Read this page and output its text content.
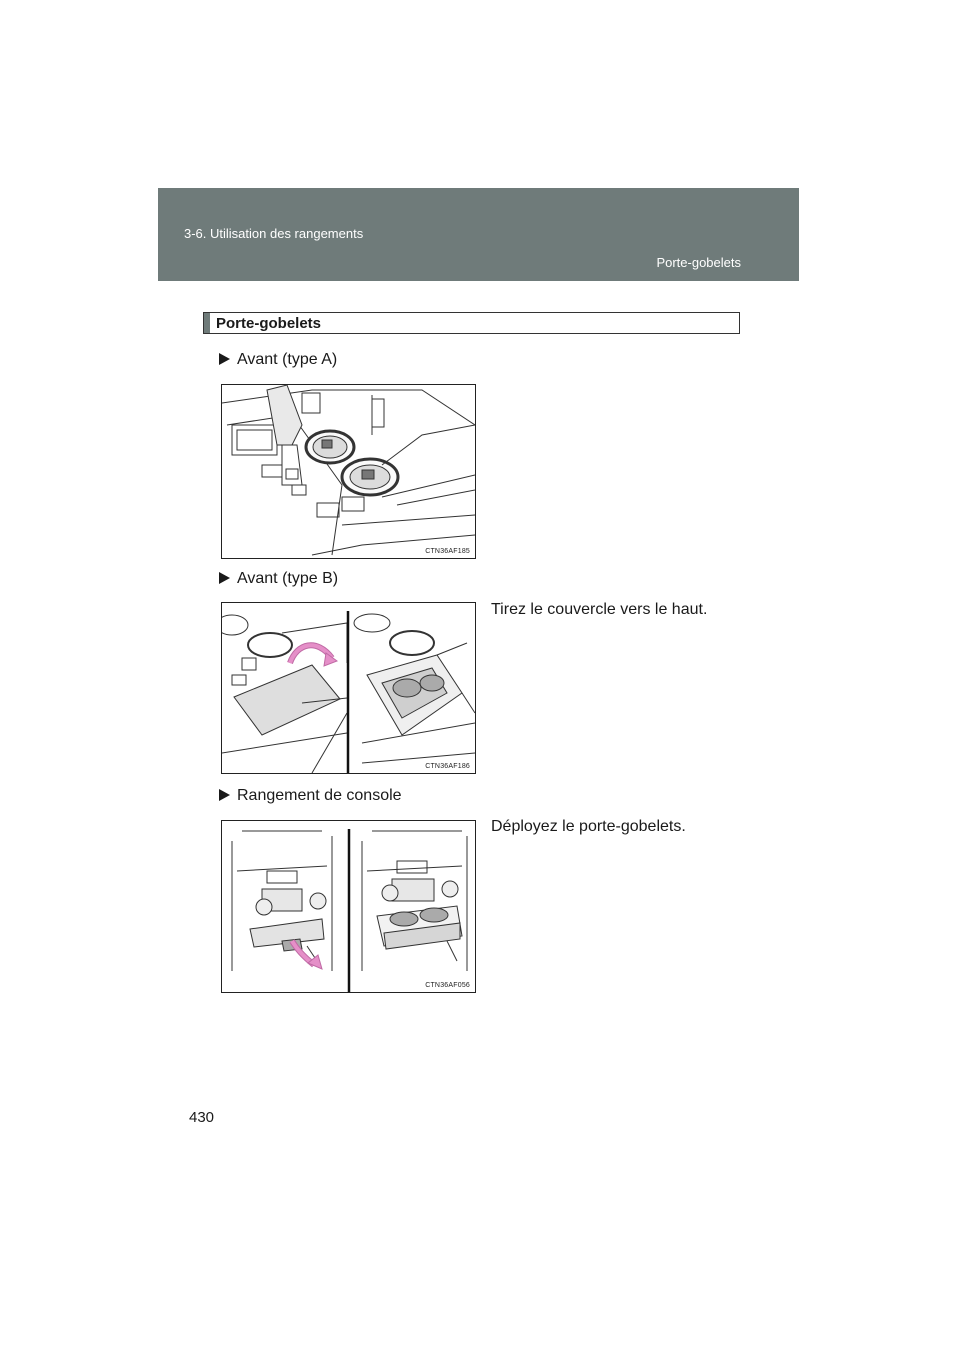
3-6. Utilisation des rangements
Porte-gobelets
Porte-gobelets
Avant (type A)
CTN36AF185
Avant (type B)
CTN36AF186
Tirez le couvercle vers le haut.
Rangement de console
CTN36AF056
Déployez le porte-gobelets.
430
